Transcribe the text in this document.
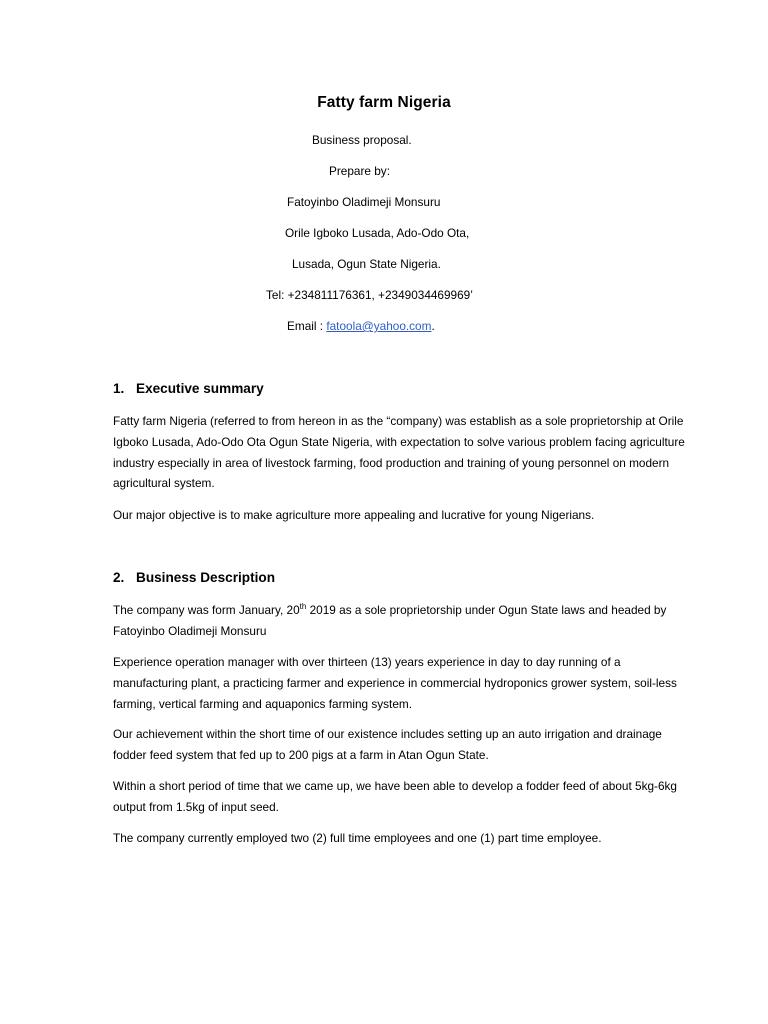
Fatty farm Nigeria
Business proposal.
Prepare by:
Fatoyinbo Oladimeji Monsuru
Orile Igboko Lusada, Ado-Odo Ota,
Lusada, Ogun State Nigeria.
Tel: +234811176361, +2349034469969’
Email : fatoola@yahoo.com.
1. Executive summary
Fatty farm Nigeria (referred to from hereon in as the “company) was establish as a sole proprietorship at Orile Igboko Lusada, Ado-Odo Ota Ogun State Nigeria, with expectation to solve various problem facing agriculture industry especially in area of livestock farming, food production and training of young personnel on modern agricultural system.
Our major objective is to make agriculture more appealing and lucrative for young Nigerians.
2. Business Description
The company was form January, 20th 2019 as a sole proprietorship under Ogun State laws and headed by Fatoyinbo Oladimeji Monsuru
Experience operation manager with over thirteen (13) years experience in day to day running of a manufacturing plant, a practicing farmer and experience in commercial hydroponics grower system, soil-less farming, vertical farming and aquaponics farming system.
Our achievement within the short time of our existence includes setting up an auto irrigation and drainage fodder feed system that fed up to 200 pigs at a farm in Atan Ogun State.
Within a short period of time that we came up, we have been able to develop a fodder feed of about 5kg-6kg output from 1.5kg of input seed.
The company currently employed two (2) full time employees and one (1) part time employee.
